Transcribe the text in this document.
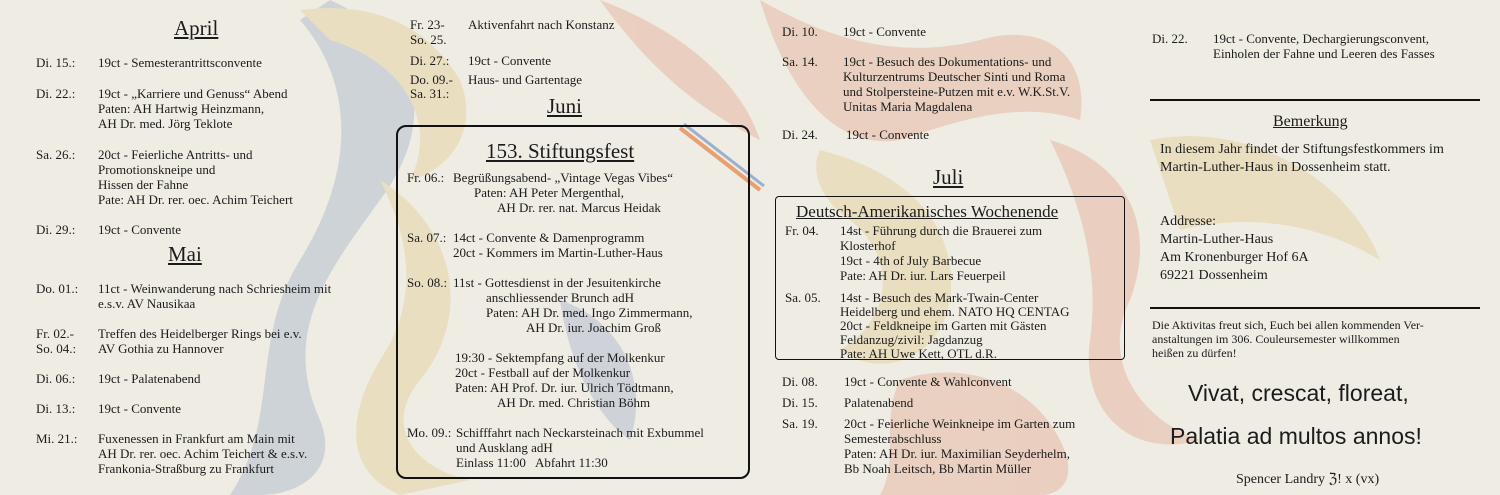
April
Di. 15.: 19ct - Semesterantrittsconvente
Di. 22.: 19ct - „Karriere und Genuss“ Abend
Paten: AH Hartwig Heinzmann,
AH Dr. med. Jörg Teklote
Sa. 26.: 20ct - Feierliche Antritts- und
Promotionskneipe und
Hissen der Fahne
Pate: AH Dr. rer. oec. Achim Teichert
Di. 29.: 19ct - Convente
Mai
Do. 01.: 11ct - Weinwanderung nach Schriesheim mit
e.s.v. AV Nausikaa
Fr. 02.- Treffen des Heidelberger Rings bei e.v.
So. 04.: AV Gothia zu Hannover
Di. 06.: 19ct - Palatenabend
Di. 13.: 19ct - Convente
Mi. 21.: Fuxenessen in Frankfurt am Main mit
AH Dr. rer. oec. Achim Teichert & e.s.v.
Frankonia-Straßburg zu Frankfurt
Fr. 23- Aktivenfahrt nach Konstanz
So. 25.
Di. 27.: 19ct - Convente
Do. 09.- Haus- und Gartentage
Sa. 31.:
Juni
153. Stiftungsfest
Fr. 06.: Begrüßungsabend- „Vintage Vegas Vibes“
Paten: AH Peter Mergenthal,
AH Dr. rer. nat. Marcus Heidak
Sa. 07.: 14ct - Convente & Damenprogramm
20ct - Kommers im Martin-Luther-Haus
So. 08.: 11st - Gottesdienst in der Jesuitenkirche
anschliessender Brunch adH
Paten: AH Dr. med. Ingo Zimmermann,
AH Dr. iur. Joachim Groß
19:30 - Sektempfang auf der Molkenkur
20ct - Festball auf der Molkenkur
Paten: AH Prof. Dr. iur. Ulrich Tödtmann,
AH Dr. med. Christian Böhm
Mo. 09.: Schifffahrt nach Neckarsteinach mit Exbummel
und Ausklang adH
Einlass 11:00   Abfahrt 11:30
Di. 10. 19ct - Convente
Sa. 14. 19ct - Besuch des Dokumentations- und
Kulturzentrums Deutscher Sinti und Roma
und Stolpersteine-Putzen mit e.v. W.K.St.V.
Unitas Maria Magdalena
Di. 24. 19ct - Convente
Juli
Deutsch-Amerikanisches Wochenende
Fr. 04. 14st - Führung durch die Brauerei zum
Klosterhof
19ct - 4th of July Barbecue
Pate: AH Dr. iur. Lars Feuerpeil
Sa. 05. 14st - Besuch des Mark-Twain-Center
Heidelberg und ehem. NATO HQ CENTAG
20ct - Feldkneipe im Garten mit Gästen
Feldanzug/zivil: Jagdanzug
Pate: AH Uwe Kett, OTL d.R.
Di. 08. 19ct - Convente & Wahlconvent
Di. 15. Palatenabend
Sa. 19. 20ct - Feierliche Weinkneipe im Garten zum
Semesterabschluss
Paten: AH Dr. iur. Maximilian Seyderhelm,
Bb Noah Leitsch, Bb Martin Müller
Di. 22. 19ct - Convente, Dechargierungsconvent,
Einholen der Fahne und Leeren des Fasses
Bemerkung
In diesem Jahr findet der Stiftungsfestkommers im
Martin-Luther-Haus in Dossenheim statt.
Addresse:
Martin-Luther-Haus
Am Kronenburger Hof 6A
69221 Dossenheim
Die Aktivitas freut sich, Euch bei allen kommenden Ver-
anstaltungen im 306. Couleursemester willkommen
heißen zu dürfen!
Vivat, crescat, floreat,
Palatia ad multos annos!
Spencer Landry ℨ! x (vx)
